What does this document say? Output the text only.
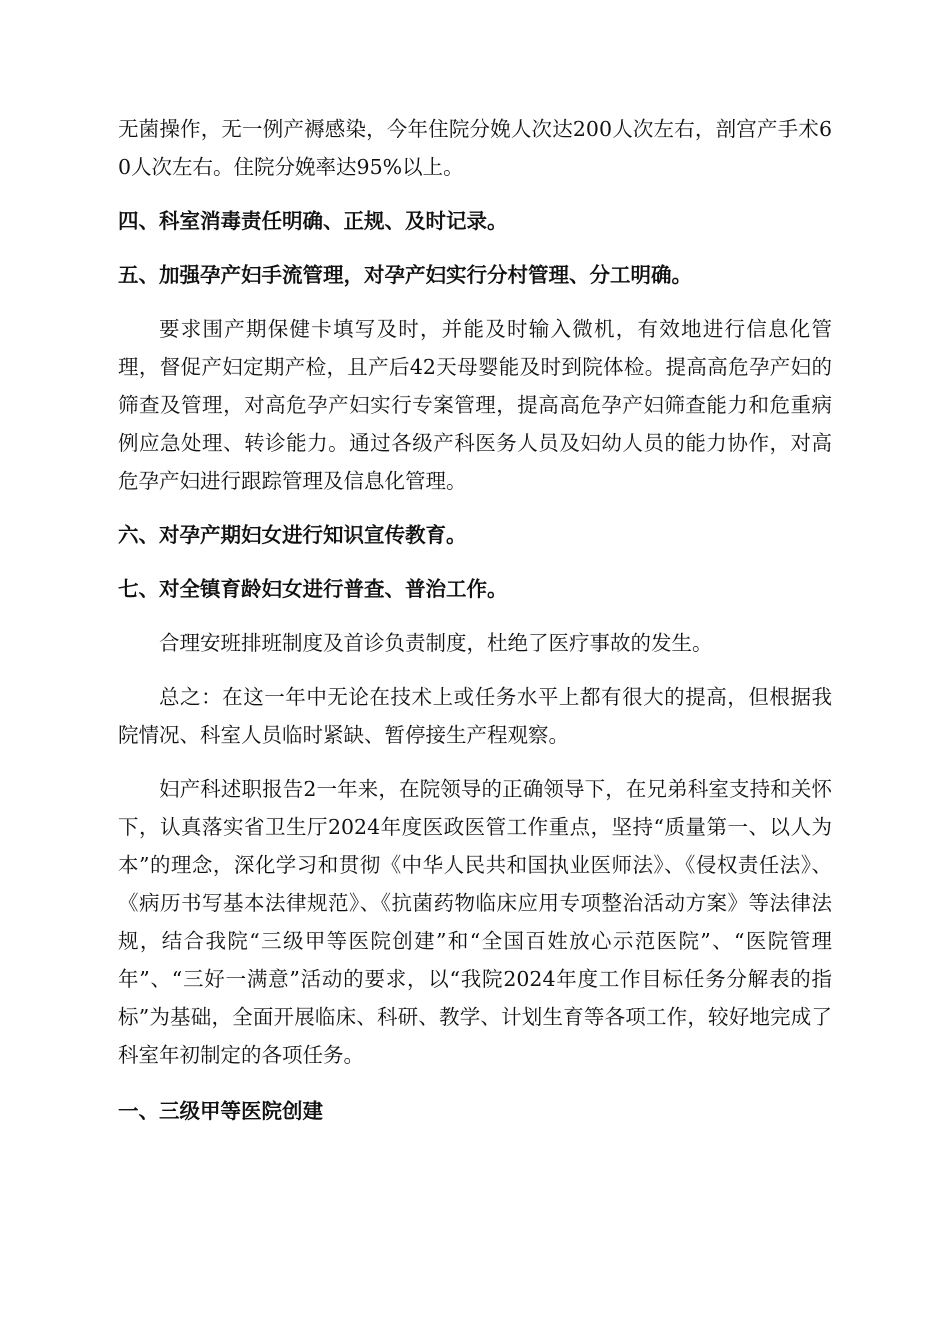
无菌操作，无一例产褥感染，今年住院分娩人次达200人次左右，剖宫产手术60人次左右。住院分娩率达95%以上。

四、科室消毒责任明确、正规、及时记录。

五、加强孕产妇手流管理，对孕产妇实行分村管理、分工明确。

要求围产期保健卡填写及时，并能及时输入微机，有效地进行信息化管理，督促产妇定期产检，且产后42天母婴能及时到院体检。提高高危孕产妇的筛查及管理，对高危孕产妇实行专案管理，提高高危孕产妇筛查能力和危重病例应急处理、转诊能力。通过各级产科医务人员及妇幼人员的能力协作，对高危孕产妇进行跟踪管理及信息化管理。

六、对孕产期妇女进行知识宣传教育。

七、对全镇育龄妇女进行普查、普治工作。

合理安班排班制度及首诊负责制度，杜绝了医疗事故的发生。

总之：在这一年中无论在技术上或任务水平上都有很大的提高，但根据我院情况、科室人员临时紧缺、暂停接生产程观察。

妇产科述职报告2一年来，在院领导的正确领导下，在兄弟科室支持和关怀下，认真落实省卫生厅2024年度医政医管工作重点，坚持“质量第一、以人为本”的理念，深化学习和贯彻《中华人民共和国执业医师法》、《侵权责任法》、《病历书写基本法律规范》、《抗菌药物临床应用专项整治活动方案》等法律法规，结合我院“三级甲等医院创建”和“全国百姓放心示范医院”、“医院管理年”、“三好一满意”活动的要求，以“我院2024年度工作目标任务分解表的指标”为基础，全面开展临床、科研、教学、计划生育等各项工作，较好地完成了科室年初制定的各项任务。

一、三级甲等医院创建
